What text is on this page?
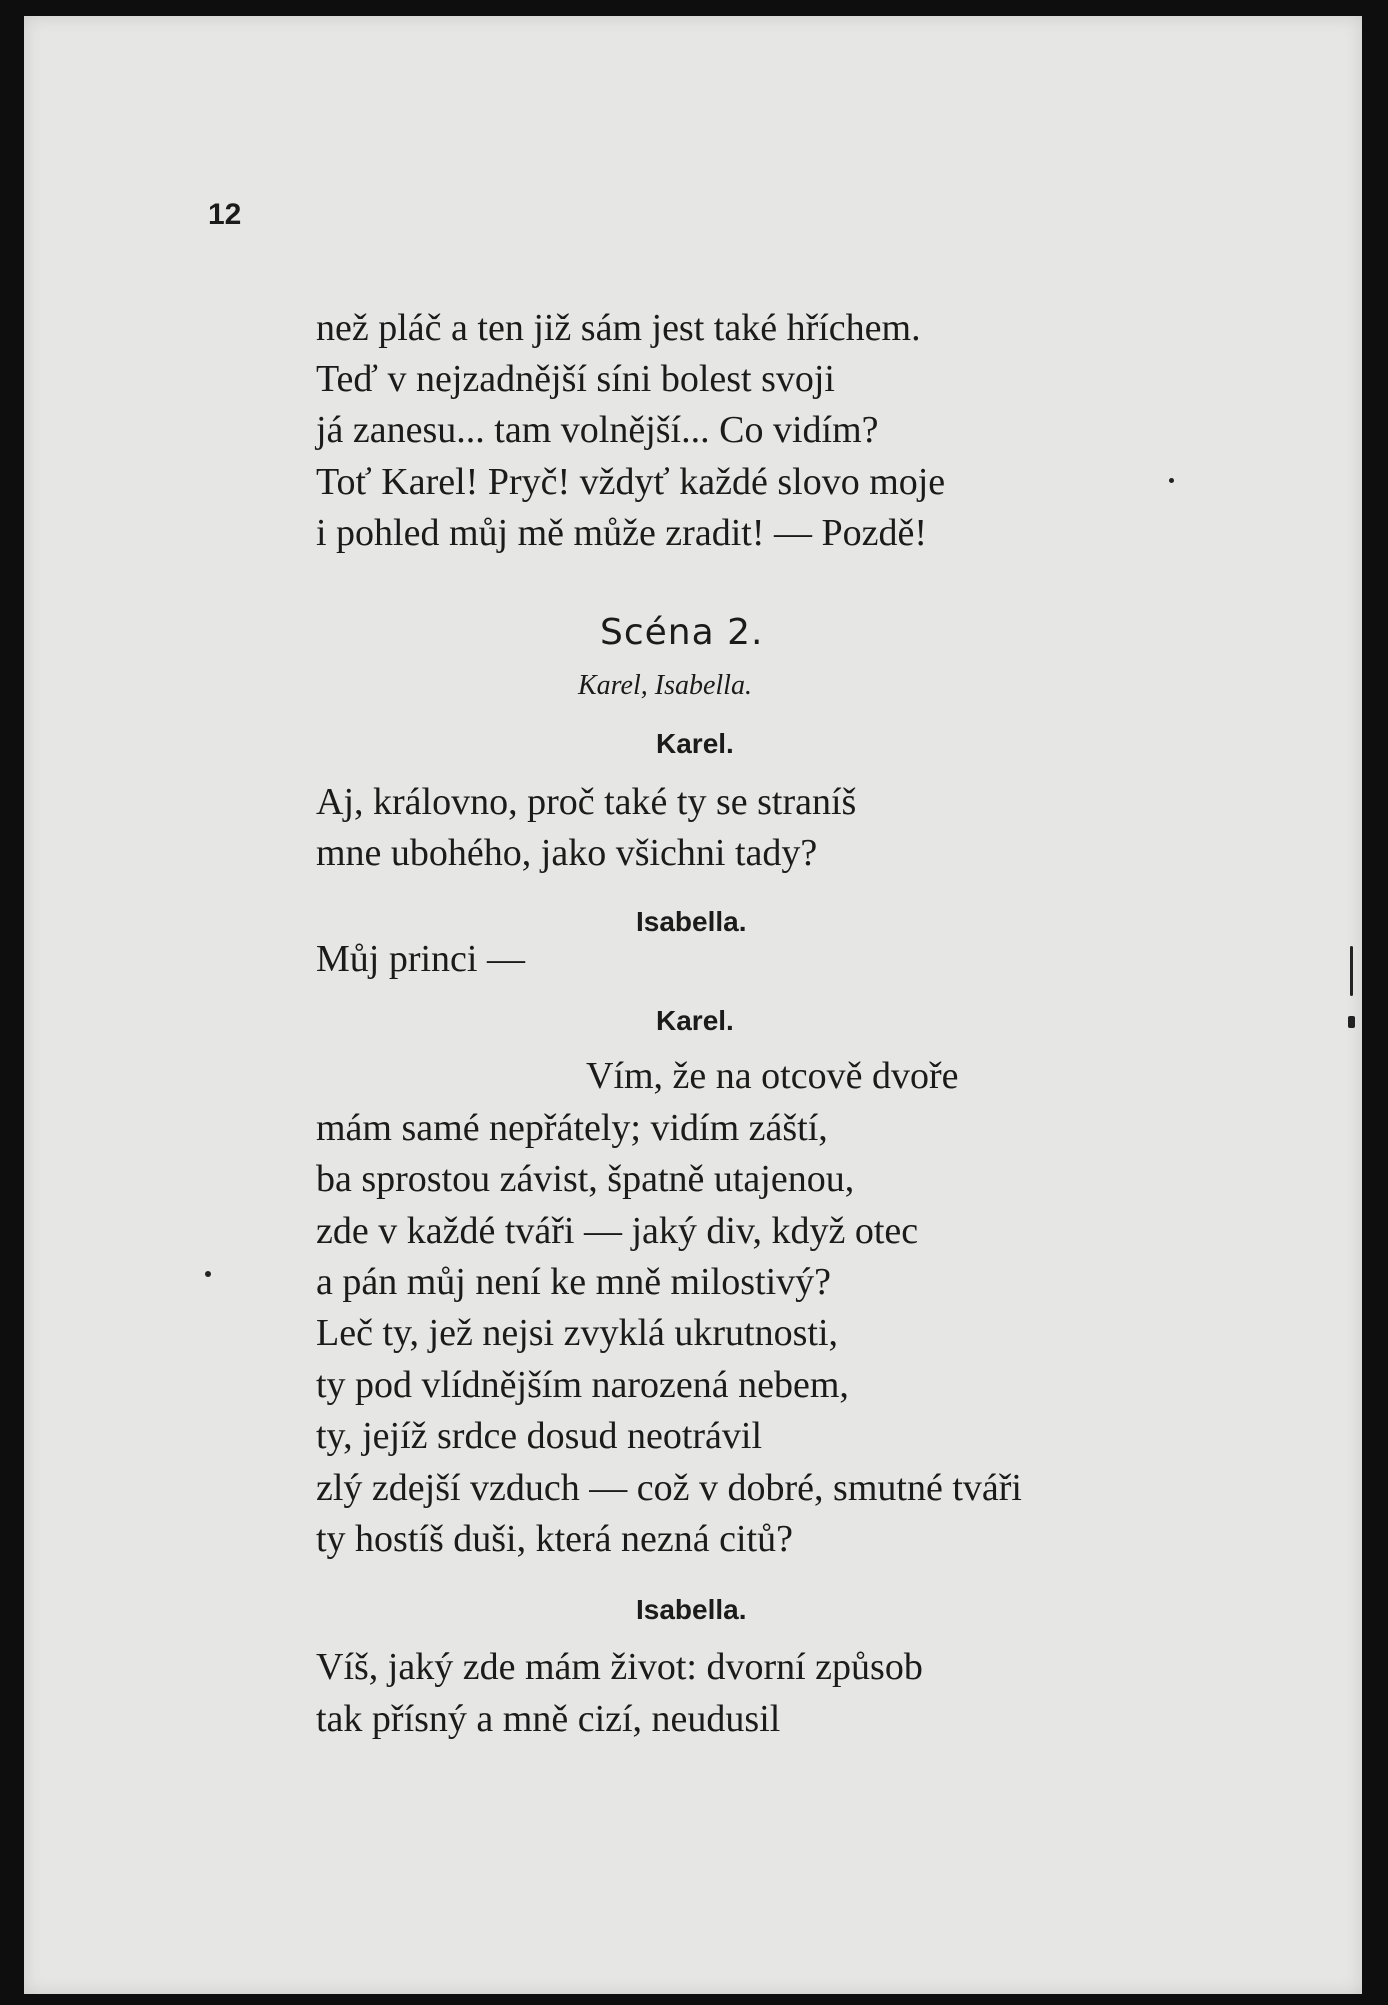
12
než pláč a ten již sám jest také hříchem.
Teď v nejzadnější síni bolest svoji
já zanesu... tam volnější... Co vidím?
Toť Karel! Pryč! vždyť každé slovo moje
i pohled můj mě může zradit! — Pozdě!
Scéna 2.
Karel, Isabella.
Karel.
Aj, královno, proč také ty se straníš
mne ubohého, jako všichni tady?
Isabella.
Můj princi —
Karel.
Vím, že na otcově dvoře
mám samé nepřátely; vidím záští,
ba sprostou závist, špatně utajenou,
zde v každé tváři — jaký div, když otec
a pán můj není ke mně milostivý?
Leč ty, jež nejsi zvyklá ukrutnosti,
ty pod vlídnějším narozená nebem,
ty, jejíž srdce dosud neotrávil
zlý zdejší vzduch — což v dobré, smutné tváři
ty hostíš duši, která nezná citů?
Isabella.
Víš, jaký zde mám život: dvorní způsob
tak přísný a mně cizí, neudusil
